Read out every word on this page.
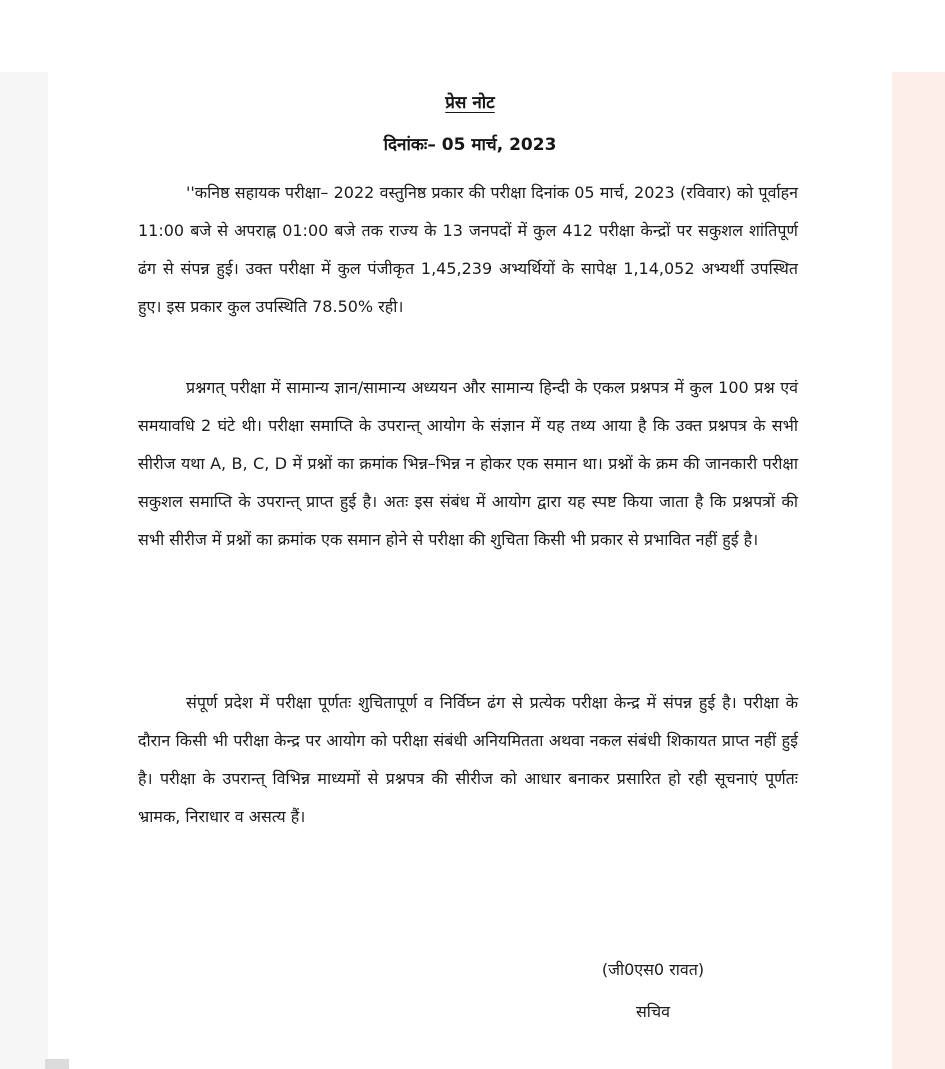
प्रेस नोट
दिनांकः– 05 मार्च, 2023

''कनिष्ठ सहायक परीक्षा– 2022 वस्तुनिष्ठ प्रकार की परीक्षा दिनांक 05 मार्च, 2023 (रविवार) को पूर्वाहन 11:00 बजे से अपराह्न 01:00 बजे तक राज्य के 13 जनपदों में कुल 412 परीक्षा केन्द्रों पर सकुशल शांतिपूर्ण ढंग से संपन्न हुई। उक्त परीक्षा में कुल पंजीकृत 1,45,239 अभ्यर्थियों के सापेक्ष 1,14,052 अभ्यर्थी उपस्थित हुए। इस प्रकार कुल उपस्थिति 78.50% रही।

प्रश्नगत् परीक्षा में सामान्य ज्ञान/सामान्य अध्ययन और सामान्य हिन्दी के एकल प्रश्नपत्र में कुल 100 प्रश्न एवं समयावधि 2 घंटे थी। परीक्षा समाप्ति के उपरान्त् आयोग के संज्ञान में यह तथ्य आया है कि उक्त प्रश्नपत्र के सभी सीरीज यथा A, B, C, D में प्रश्नों का क्रमांक भिन्न–भिन्न न होकर एक समान था। प्रश्नों के क्रम की जानकारी परीक्षा सकुशल समाप्ति के उपरान्त् प्राप्त हुई है। अतः इस संबंध में आयोग द्वारा यह स्पष्ट किया जाता है कि प्रश्नपत्रों की सभी सीरीज में प्रश्नों का क्रमांक एक समान होने से परीक्षा की शुचिता किसी भी प्रकार से प्रभावित नहीं हुई है।

संपूर्ण प्रदेश में परीक्षा पूर्णतः शुचितापूर्ण व निर्विघ्न ढंग से प्रत्येक परीक्षा केन्द्र में संपन्न हुई है। परीक्षा के दौरान किसी भी परीक्षा केन्द्र पर आयोग को परीक्षा संबंधी अनियमितता अथवा नकल संबंधी शिकायत प्राप्त नहीं हुई है। परीक्षा के उपरान्त् विभिन्न माध्यमों से प्रश्नपत्र की सीरीज को आधार बनाकर प्रसारित हो रही सूचनाएं पूर्णतः भ्रामक, निराधार व असत्य हैं।

(जी0एस0 रावत)
सचिव
